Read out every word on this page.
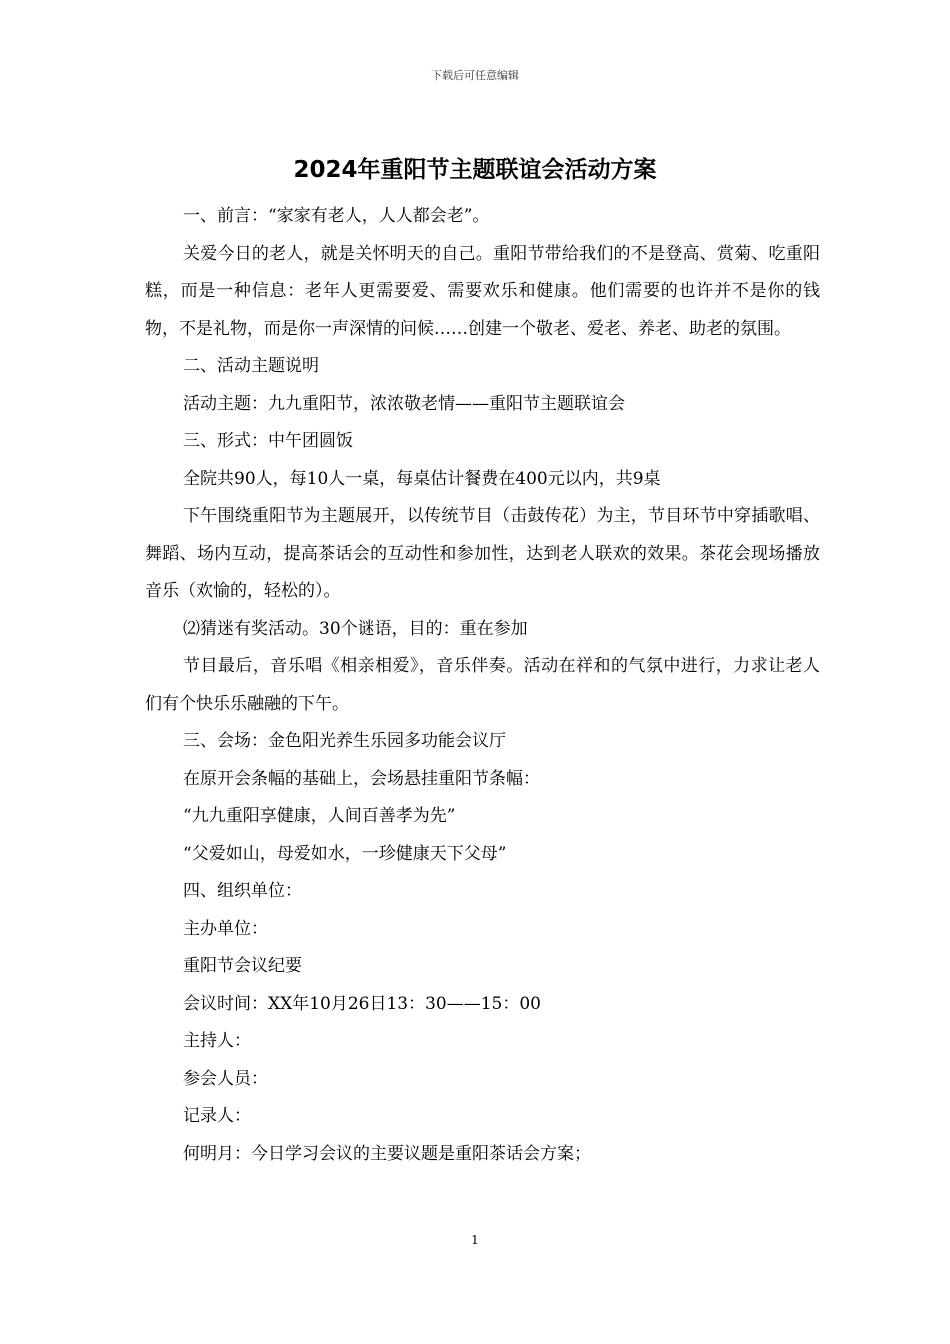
下载后可任意编辑
2024年重阳节主题联谊会活动方案

一、前言：“家家有老人，人人都会老”。

关爱今日的老人，就是关怀明天的自己。重阳节带给我们的不是登高、赏菊、吃重阳糕，而是一种信息：老年人更需要爱、需要欢乐和健康。他们需要的也许并不是你的钱物，不是礼物，而是你一声深情的问候……创建一个敬老、爱老、养老、助老的氛围。

二、活动主题说明

活动主题：九九重阳节，浓浓敬老情——重阳节主题联谊会

三、形式：中午团圆饭

全院共90人，每10人一桌，每桌估计餐费在400元以内，共9桌

下午围绕重阳节为主题展开，以传统节目（击鼓传花）为主，节目环节中穿插歌唱、舞蹈、场内互动，提高茶话会的互动性和参加性，达到老人联欢的效果。茶花会现场播放音乐（欢愉的，轻松的）。

⑵猜迷有奖活动。30个谜语，目的：重在参加

节目最后，音乐唱《相亲相爱》，音乐伴奏。活动在祥和的气氛中进行，力求让老人们有个快乐乐融融的下午。

三、会场：金色阳光养生乐园多功能会议厅

在原开会条幅的基础上，会场悬挂重阳节条幅：

“九九重阳享健康，人间百善孝为先”

“父爱如山，母爱如水，一珍健康天下父母”

四、组织单位：

主办单位：

重阳节会议纪要

会议时间：XX年10月26日13：30——15：00

主持人：

参会人员：

记录人：

何明月：今日学习会议的主要议题是重阳茶话会方案；

1
